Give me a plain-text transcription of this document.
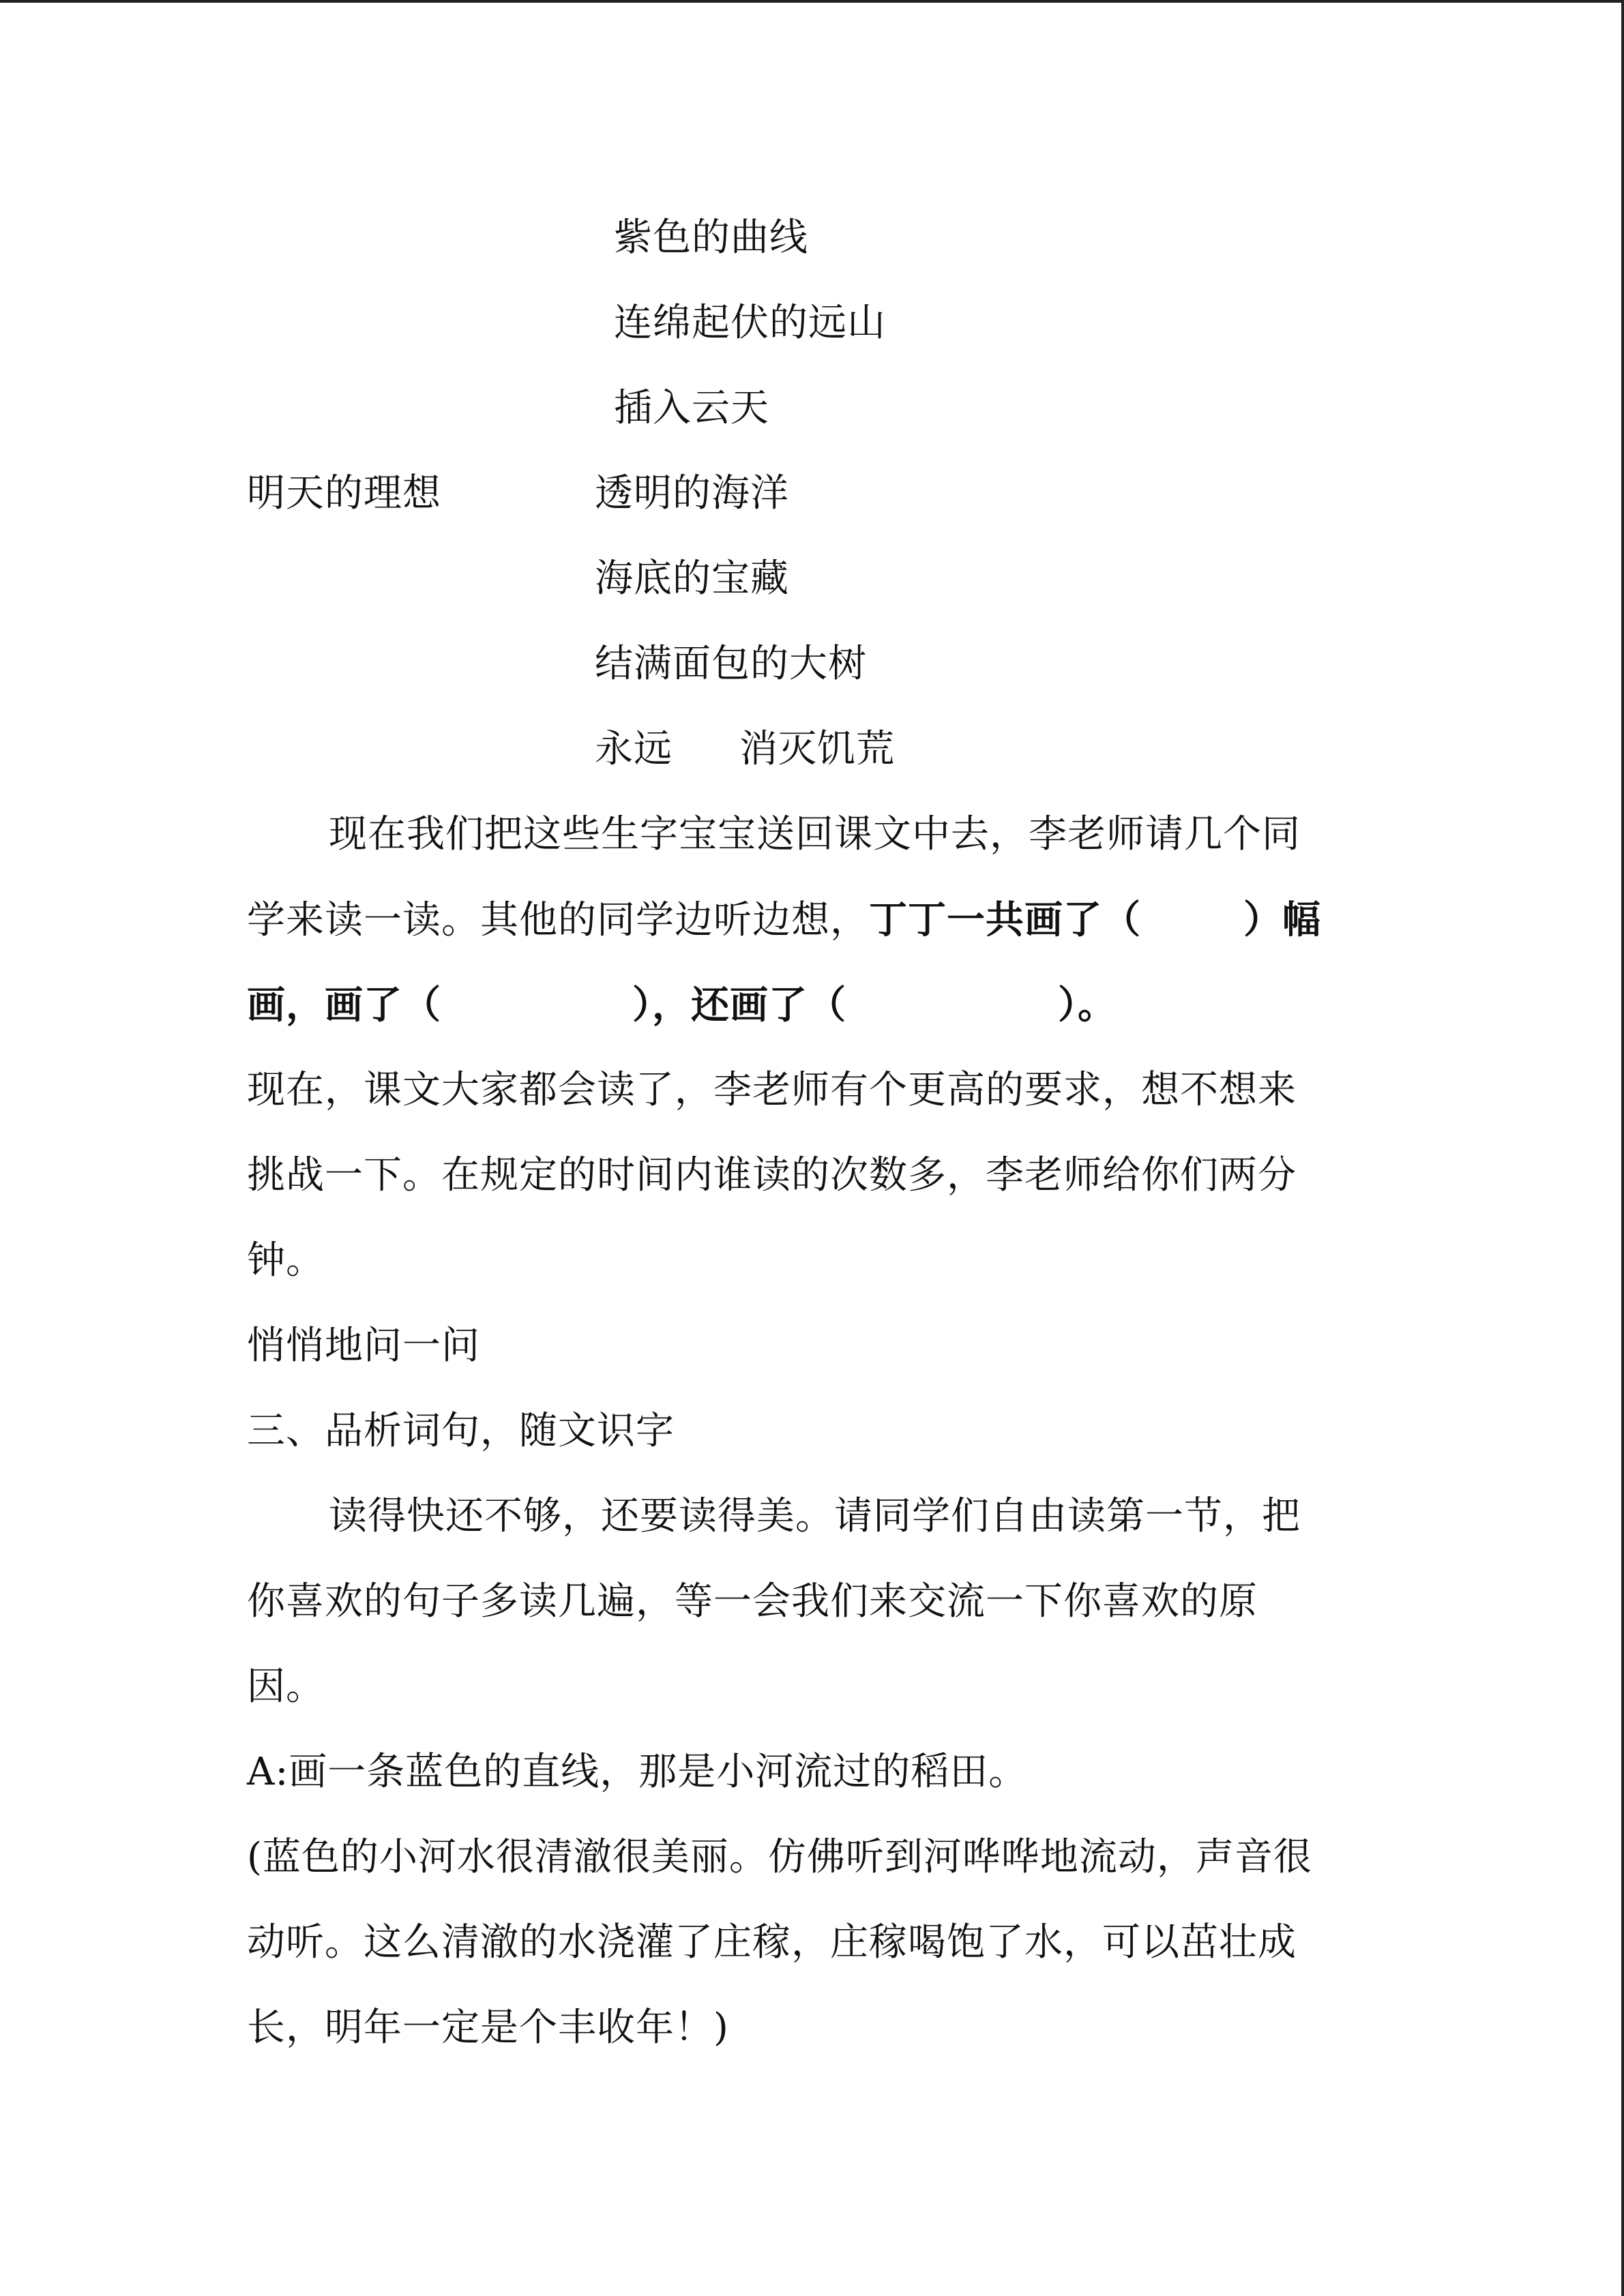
紫色的曲线
连绵起伏的远山
插入云天
明天的理想	透明的海洋
海底的宝藏
结满面包的大树
永远 消灭饥荒
现在我们把这些生字宝宝送回课文中去，李老师请几个同
学来读一读。其他的同学边听边想，丁丁一共画了（	）幅
画，画了（	），还画了（	）。
现在，课文大家都会读了，李老师有个更高的要求，想不想来
挑战一下。在规定的时间内谁读的次数多，李老师给你们两分
钟。
悄悄地问一问
三、品析词句，随文识字
读得快还不够，还要读得美。请同学们自由读第一节，把
你喜欢的句子多读几遍，等一会我们来交流一下你喜欢的原
因。
A:画一条蓝色的直线，那是小河流过的稻田。
(蓝色的小河水很清澈很美丽。仿佛听到河哗哗地流动，声音很
动听。这么清澈的水浇灌了庄稼，庄稼喝饱了水，可以茁壮成
长，明年一定是个丰收年！)
